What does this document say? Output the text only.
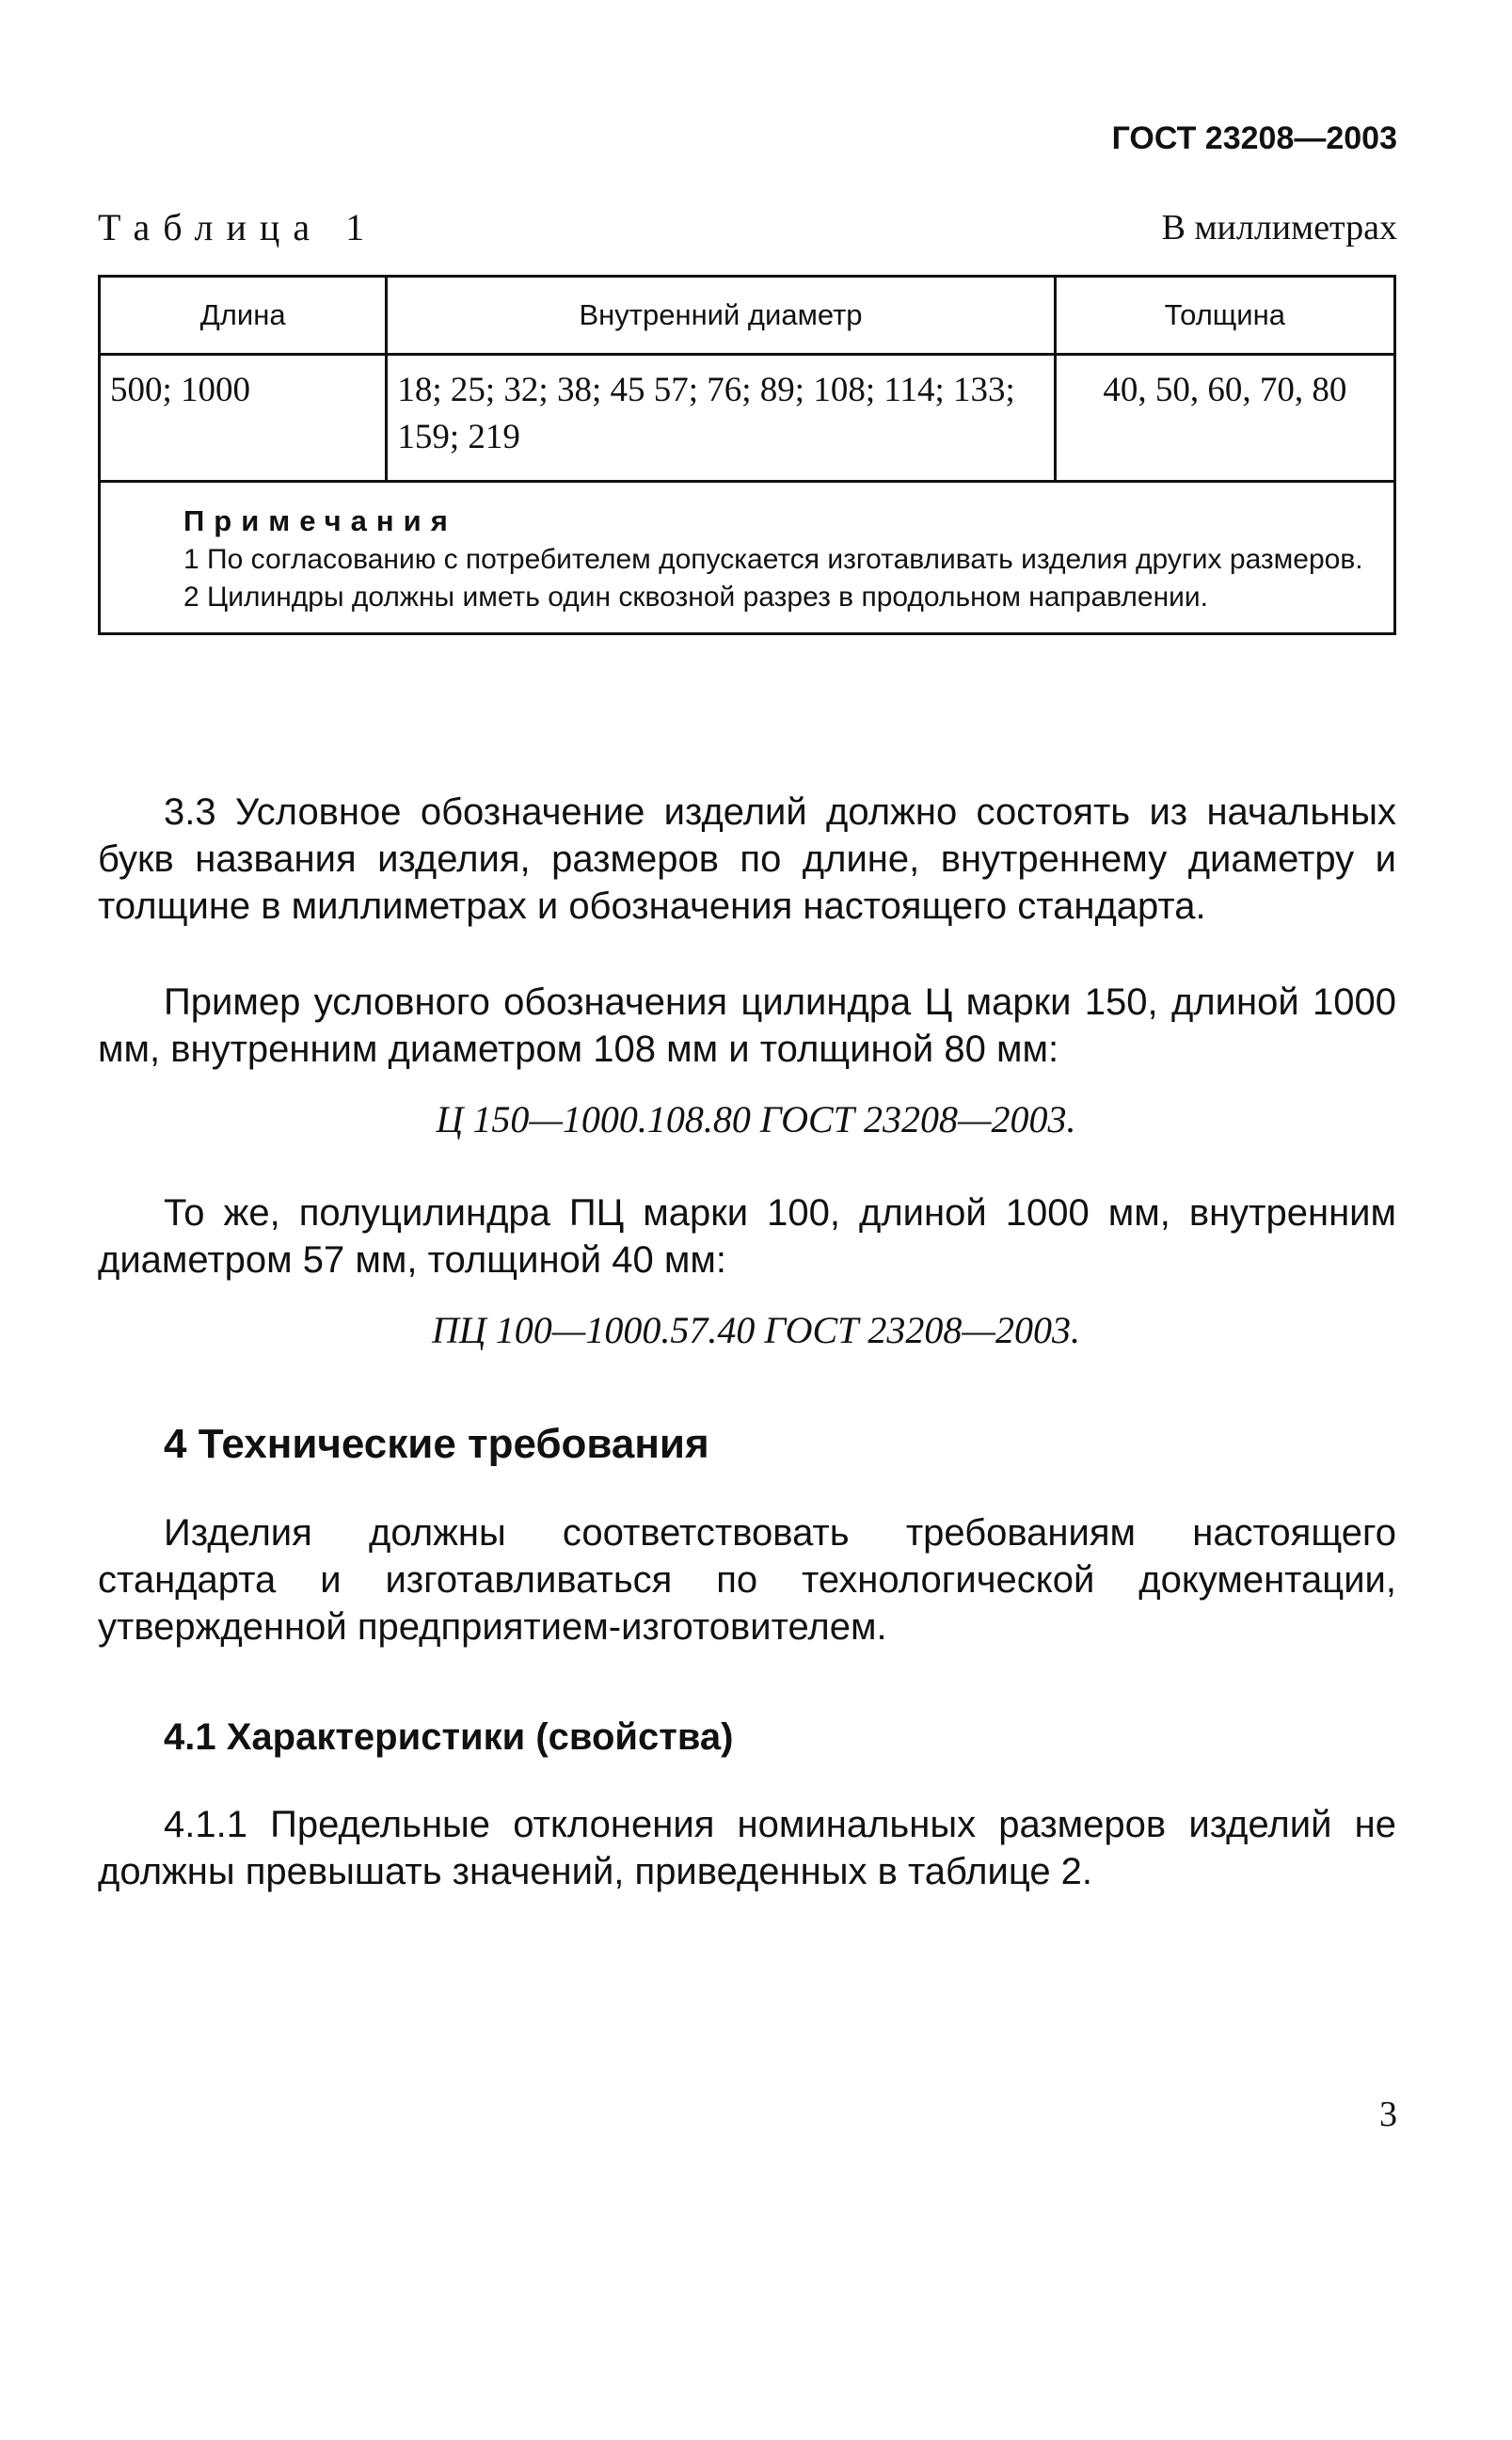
ГОСТ 23208—2003
Таблица 1	В миллиметрах
Длина	Внутренний диаметр	Толщина
500; 1000	18; 25; 32; 38; 45 57; 76; 89; 108; 114; 133; 159; 219	40, 50, 60, 70, 80

Примечания
1 По согласованию с потребителем допускается изготавливать изделия других размеров.
2 Цилиндры должны иметь один сквозной разрез в продольном направлении.		

3.3 Условное обозначение изделий должно состоять из начальных букв названия изделия, размеров по длине, внутреннему диаметру и толщине в миллиметрах и обозначения настоящего стандарта.

Пример условного обозначения цилиндра Ц марки 150, длиной 1000 мм, внутренним диаметром 108 мм и толщиной 80 мм:

Ц 150—1000.108.80 ГОСТ 23208—2003.

То же, полуцилиндра ПЦ марки 100, длиной 1000 мм, внутренним диаметром 57 мм, толщиной 40 мм:

ПЦ 100—1000.57.40 ГОСТ 23208—2003.
4 Технические требования

Изделия должны соответствовать требованиям настоящего стандарта и изготавливаться по технологической документации, утвержденной предприятием-изготовителем.

4.1 Характеристики (свойства)

4.1.1 Предельные отклонения номинальных размеров изделий не должны превышать значений, приведенных в таблице 2.

3
